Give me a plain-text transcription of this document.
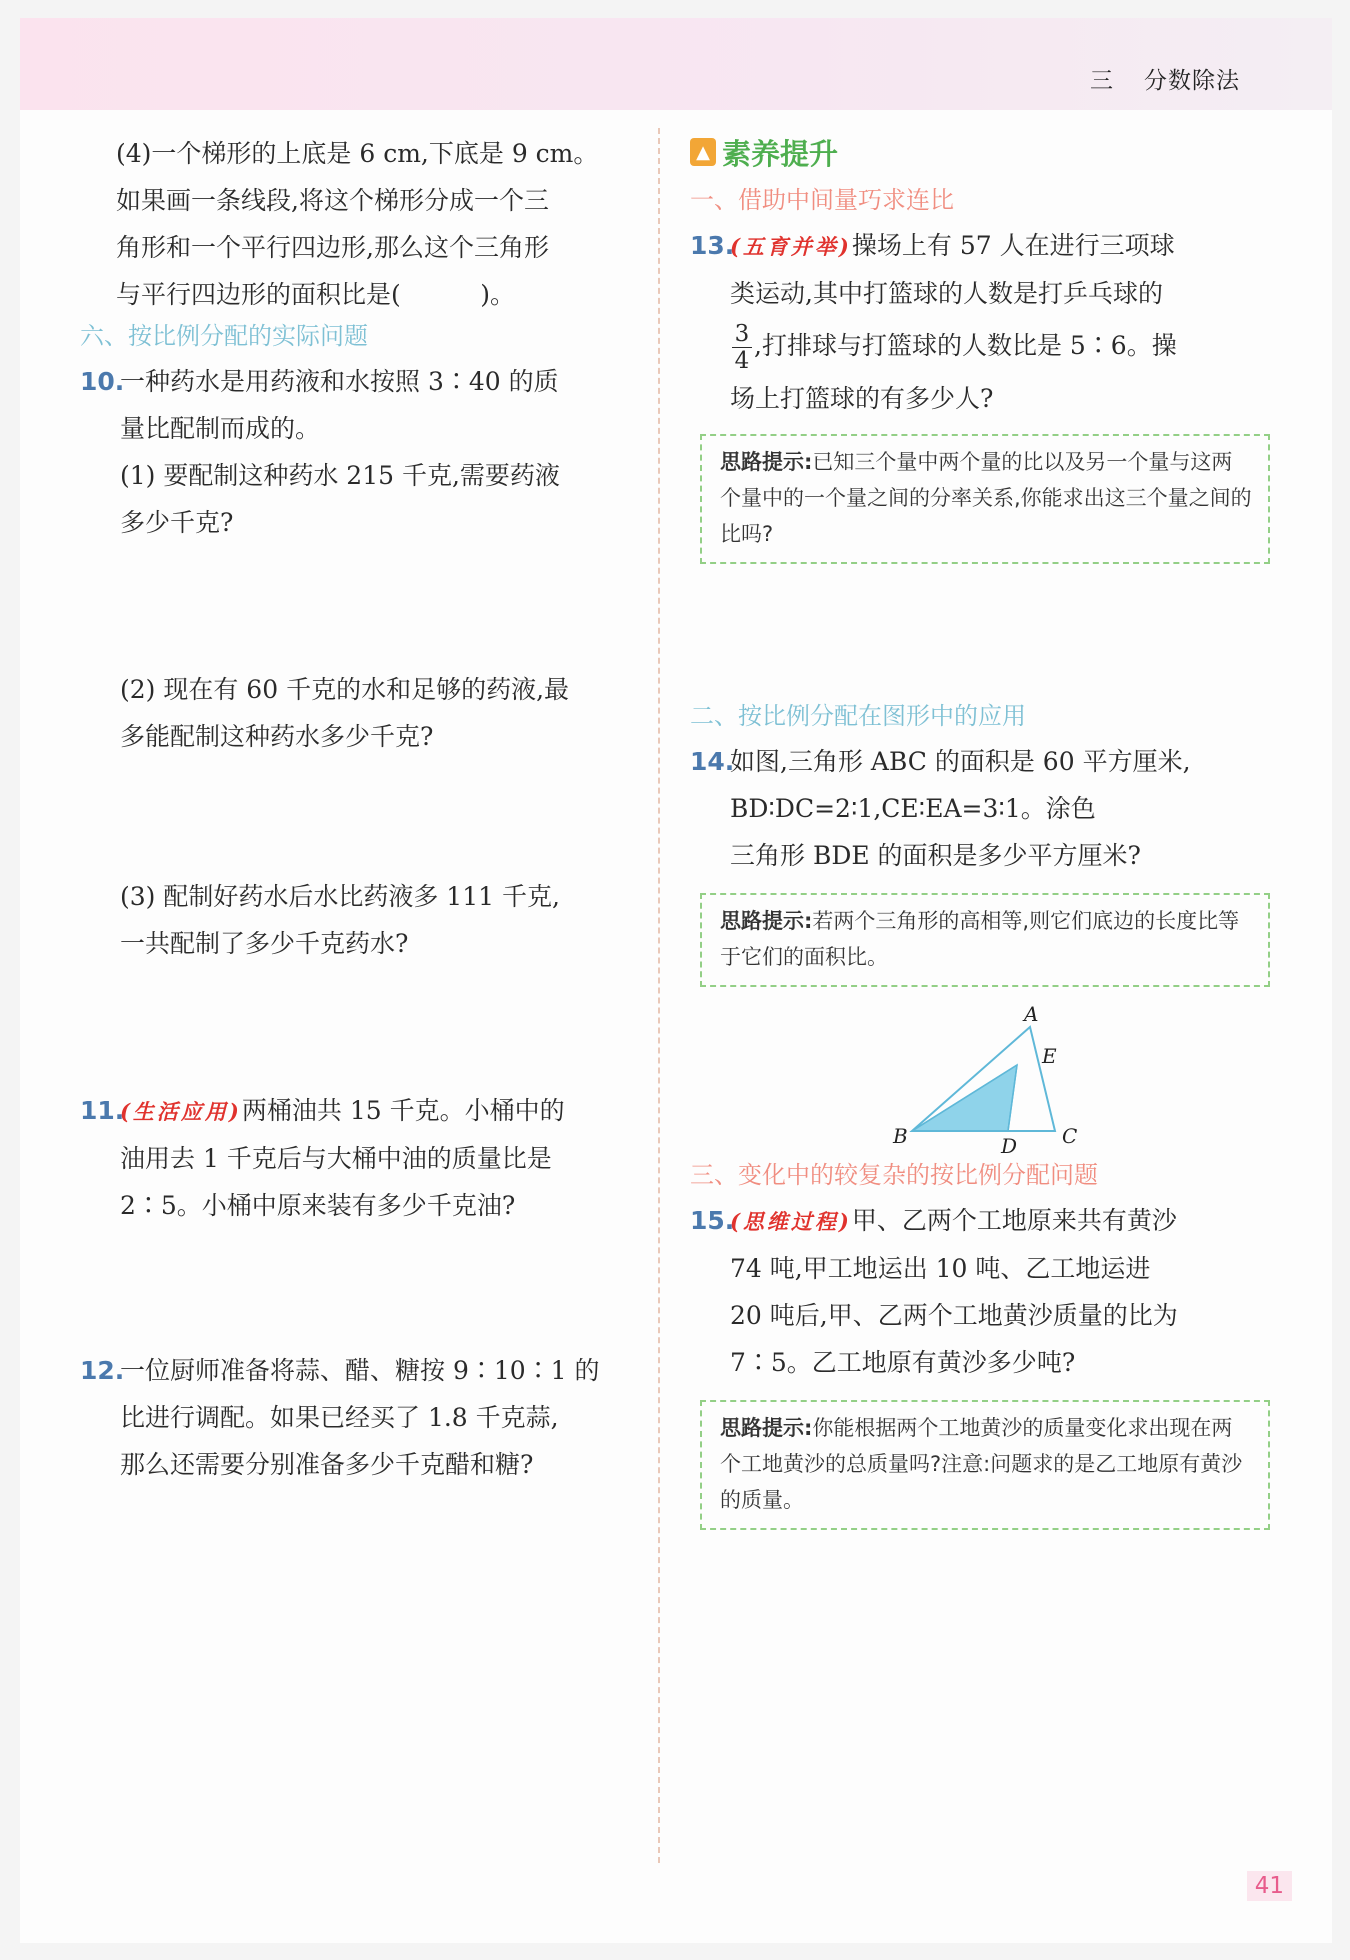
三 分数除法

(4)一个梯形的上底是 6 cm,下底是 9 cm。

如果画一条线段,将这个梯形分成一个三

角形和一个平行四边形,那么这个三角形

与平行四边形的面积比是(          )。

六、按比例分配的实际问题

10.一种药水是用药液和水按照 3∶40 的质

量比配制而成的。

(1) 要配制这种药水 215 千克,需要药液

多少千克?

(2) 现在有 60 千克的水和足够的药液,最

多能配制这种药水多少千克?

(3) 配制好药水后水比药液多 111 千克,

一共配制了多少千克药水?

11.(生活应用)两桶油共 15 千克。小桶中的

油用去 1 千克后与大桶中油的质量比是

2∶5。小桶中原来装有多少千克油?

12.一位厨师准备将蒜、醋、糖按 9∶10∶1 的

比进行调配。如果已经买了 1.8 千克蒜,

那么还需要分别准备多少千克醋和糖?

▲ 素养提升

一、借助中间量巧求连比

13.(五育并举)操场上有 57 人在进行三项球

类运动,其中打篮球的人数是打乒乓球的

$\frac{3}{4}$ ,打排球与打篮球的人数比是 5∶6。操

场上打篮球的有多少人?

思路提示:已知三个量中两个量的比以及另一个量与这两个量中的一个量之间的分率关系,你能求出这三个量之间的比吗?

二、按比例分配在图形中的应用

14.如图,三角形 ABC 的面积是 60 平方厘米,

BD∶DC=2∶1,CE∶EA=3∶1。涂色

三角形 BDE 的面积是多少平方厘米?

思路提示:若两个三角形的高相等,则它们底边的长度比等于它们的面积比。
A
B	C
D
E

三、变化中的较复杂的按比例分配问题

15.(思维过程)甲、乙两个工地原来共有黄沙

74 吨,甲工地运出 10 吨、乙工地运进

20 吨后,甲、乙两个工地黄沙质量的比为

7∶5。乙工地原有黄沙多少吨?

思路提示:你能根据两个工地黄沙的质量变化求出现在两个工地黄沙的总质量吗?注意:问题求的是乙工地原有黄沙的质量。
41
